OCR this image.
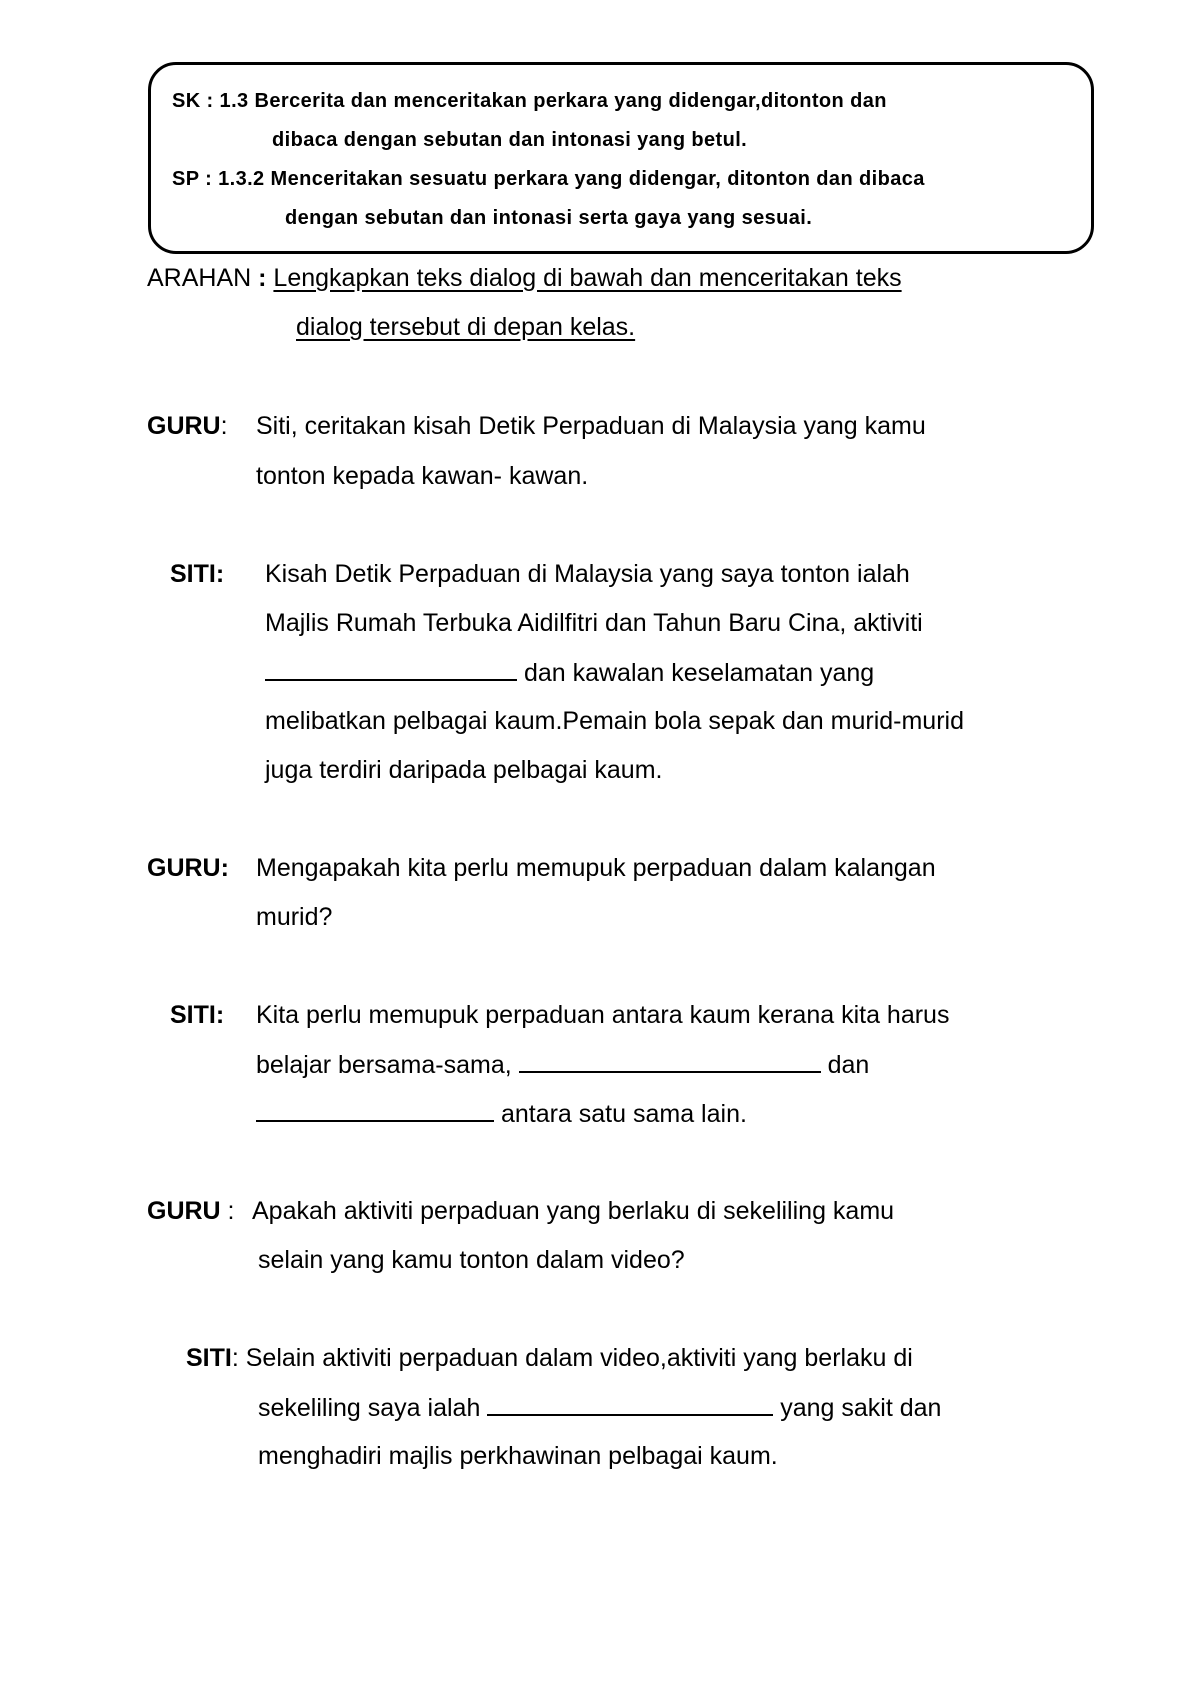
SK : 1.3 Bercerita dan menceritakan perkara yang didengar,ditonton dan
dibaca dengan sebutan dan intonasi yang betul.
SP : 1.3.2 Menceritakan sesuatu perkara yang didengar, ditonton dan dibaca
dengan sebutan dan intonasi serta gaya yang sesuai.
ARAHAN : Lengkapkan teks dialog di bawah dan menceritakan teks
dialog tersebut di depan kelas.
GURU: Siti, ceritakan kisah Detik Perpaduan di Malaysia yang kamu
tonton kepada kawan- kawan.
SITI: Kisah Detik Perpaduan di Malaysia yang saya tonton ialah
Majlis Rumah Terbuka Aidilfitri dan Tahun Baru Cina, aktiviti
dan kawalan keselamatan yang
melibatkan pelbagai kaum.Pemain bola sepak dan murid-murid
juga terdiri daripada pelbagai kaum.
GURU: Mengapakah kita perlu memupuk perpaduan dalam kalangan
murid?
SITI: Kita perlu memupuk perpaduan antara kaum kerana kita harus
belajar bersama-sama,	dan
antara satu sama lain.
GURU : Apakah aktiviti perpaduan yang berlaku di sekeliling kamu
selain yang kamu tonton dalam video?
SITI: Selain aktiviti perpaduan dalam video,aktiviti yang berlaku di
sekeliling saya ialah	yang sakit dan
menghadiri majlis perkhawinan pelbagai kaum.
